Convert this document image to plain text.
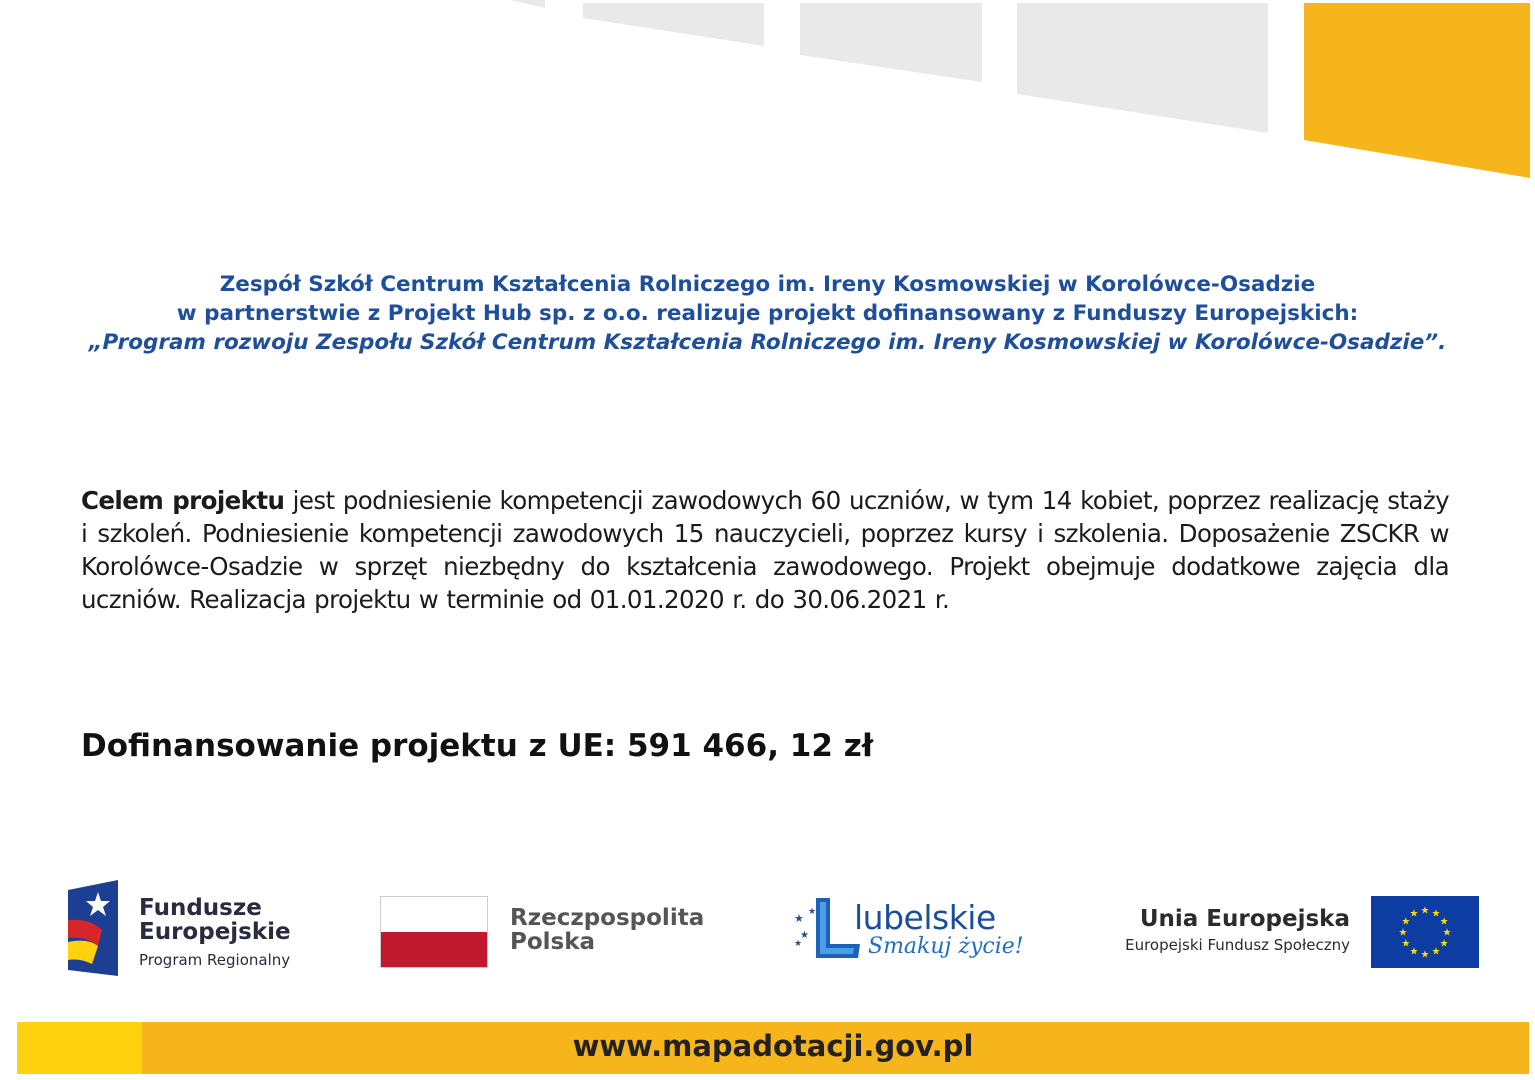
Zespół Szkół Centrum Kształcenia Rolniczego im. Ireny Kosmowskiej w Korolówce-Osadzie
w partnerstwie z Projekt Hub sp. z o.o. realizuje projekt dofinansowany z Funduszy Europejskich:
„Program rozwoju Zespołu Szkół Centrum Kształcenia Rolniczego im. Ireny Kosmowskiej w Korolówce-Osadzie”.
Celem projektu jest podniesienie kompetencji zawodowych 60 uczniów, w tym 14 kobiet, poprzez realizację staży i szkoleń. Podniesienie kompetencji zawodowych 15 nauczycieli, poprzez kursy i szkolenia. Doposażenie ZSCKR w Korolówce-Osadzie w sprzęt niezbędny do kształcenia zawodowego. Projekt obejmuje dodatkowe zajęcia dla uczniów. Realizacja projektu w terminie od 01.01.2020 r. do 30.06.2021 r.
Dofinansowanie projektu z UE: 591 466, 12 zł
Fundusze
Europejskie
Program Regionalny
Rzeczpospolita
Polska
★
★
★
★
★ lubelskie
Smakuj życie!
Unia Europejska
Europejski Fundusz Społeczny
★ ★
★
★
★
★
★
★
★
★
★
★
www.mapadotacji.gov.pl
